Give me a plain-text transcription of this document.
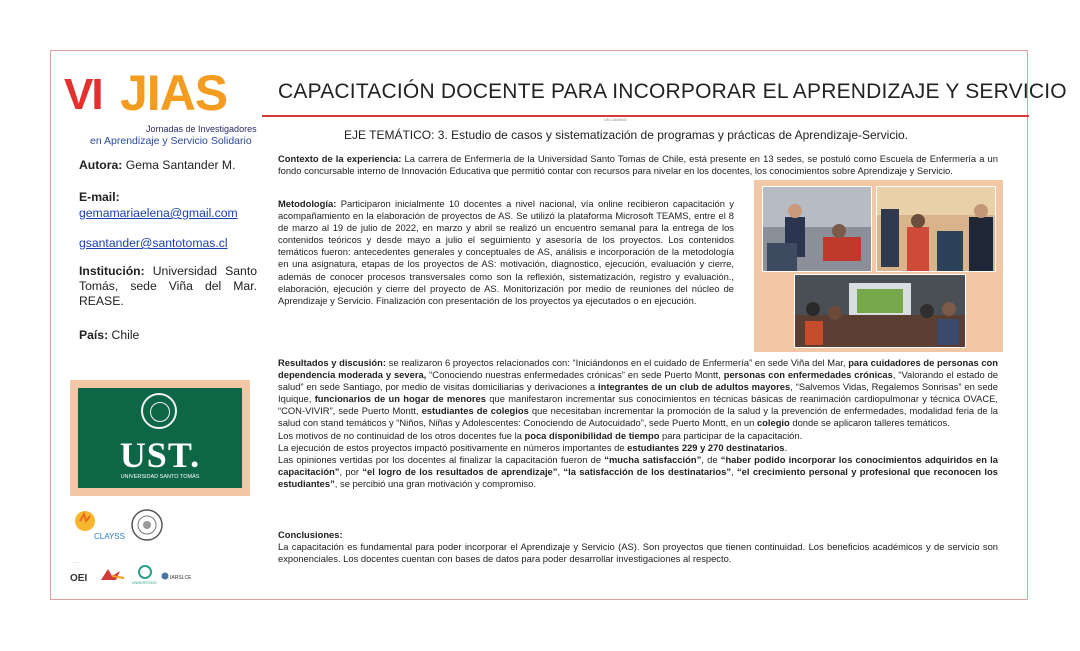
VI JIAS
Jornadas de Investigadores
en Aprendizaje y Servicio Solidario
CAPACITACIÓN DOCENTE PARA INCORPORAR EL APRENDIZAJE Y SERVICIO
UN CAMINO
EJE TEMÁTICO: 3. Estudio de casos y sistematización de programas y prácticas de Aprendizaje-Servicio.
Autora: Gema Santander M.
E-mail:
gemamariaelena@gmail.com
gsantander@santotomas.cl
Institución: Universidad Santo Tomás, sede Viña del Mar. REASE.
País: Chile
UST.
UNIVERSIDAD SANTO TOMÁS
CLAYSS
·····
OEI	UNISERVITATE
IARSLCE
Contexto de la experiencia: La carrera de Enfermería de la Universidad Santo Tomas de Chile, está presente en 13 sedes, se postuló como Escuela de Enfermería a un fondo concursable interno de Innovación Educativa que permitió contar con recursos para nivelar en los docentes, los conocimientos sobre Aprendizaje y Servicio.
Metodología: Participaron inicialmente 10 docentes a nivel nacional, vía online recibieron capacitación y acompañamiento en la elaboración de proyectos de AS. Se utilizó la plataforma Microsoft TEAMS, entre el 8 de marzo al 19 de julio de 2022, en marzo y abril se realizó un encuentro semanal para la entrega de los contenidos teóricos y desde mayo a julio el seguimiento y asesoría de los proyectos. Los contenidos temáticos fueron: antecedentes generales y conceptuales de AS, análisis e incorporación de la metodología en una asignatura, etapas de los proyectos de AS: motivación, diagnostico, ejecución, evaluación y cierre, además de conocer procesos transversales como son la reflexión, sistematización, registro y evaluación., elaboración, ejecución y cierre del proyecto de AS. Monitorización por medio de reuniones del núcleo de Aprendizaje y Servicio. Finalización con presentación de los proyectos ya ejecutados o en ejecución.
Resultados y discusión: se realizaron 6 proyectos relacionados con: “Iniciándonos en el cuidado de Enfermería” en sede Viña del Mar, para cuidadores de personas con dependencia moderada y severa, “Conociendo nuestras enfermedades crónicas” en sede Puerto Montt, personas con enfermedades crónicas, “Valorando el estado de salud” en sede Santiago, por medio de visitas domiciliarias y derivaciones a integrantes de un club de adultos mayores, “Salvemos Vidas, Regalemos Sonrisas” en sede Iquique, funcionarios de un hogar de menores que manifestaron incrementar sus conocimientos en técnicas básicas de reanimación cardiopulmonar y técnica OVACE, “CON-VIVIR”, sede Puerto Montt, estudiantes de colegios que necesitaban incrementar la promoción de la salud y la prevención de enfermedades, modalidad feria de la salud con stand temáticos y “Niños, Niñas y Adolescentes: Conociendo de Autocuidado”, sede Puerto Montt, en un colegio donde se aplicaron talleres temáticos.
Los motivos de no continuidad de los otros docentes fue la poca disponibilidad de tiempo para participar de la capacitación.
La ejecución de estos proyectos impactó positivamente en números importantes de estudiantes 229 y 270 destinatarios.
Las opiniones vertidas por los docentes al finalizar la capacitación fueron de “mucha satisfacción”, de “haber podido incorporar los conocimientos adquiridos en la capacitación”, por “el logro de los resultados de aprendizaje”, “la satisfacción de los destinatarios”, “el crecimiento personal y profesional que reconocen los estudiantes”, se percibió una gran motivación y compromiso.
Conclusiones:
La capacitación es fundamental para poder incorporar el Aprendizaje y Servicio (AS). Son proyectos que tienen continuidad. Los beneficios académicos y de servicio son exponenciales. Los docentes cuentan con bases de datos para poder desarrollar investigaciones al respecto.
